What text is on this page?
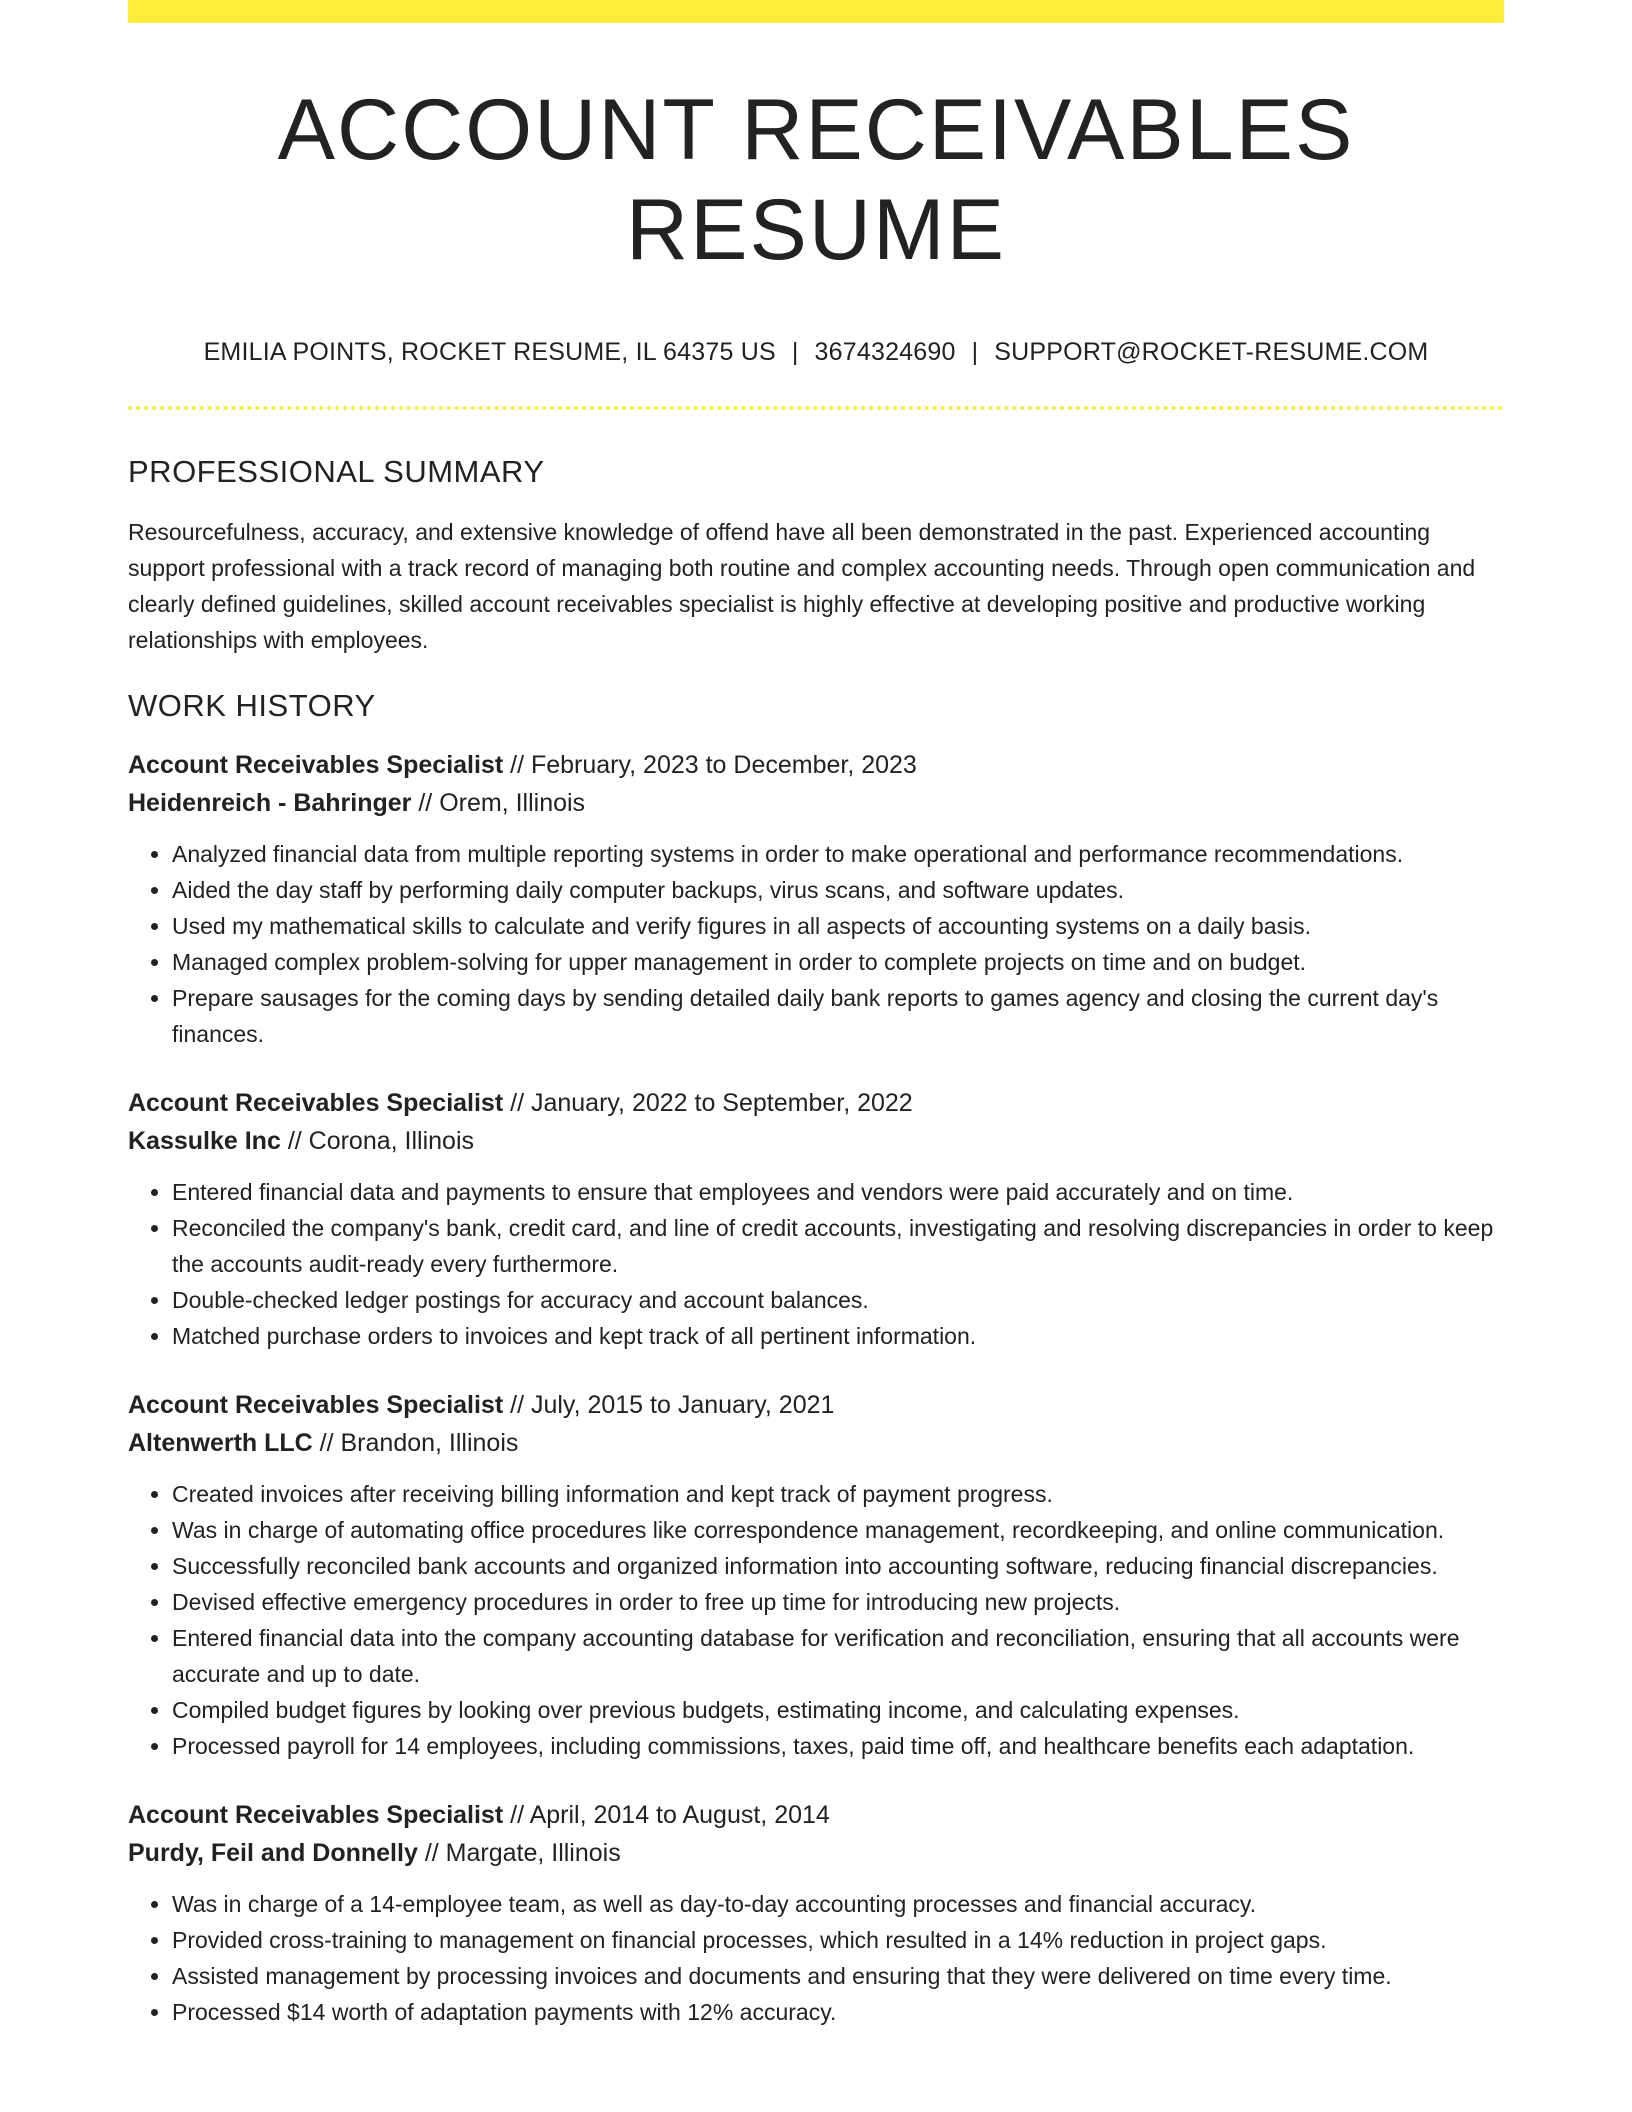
ACCOUNT RECEIVABLES RESUME
EMILIA POINTS, ROCKET RESUME, IL 64375 US | 3674324690 | SUPPORT@ROCKET-RESUME.COM
PROFESSIONAL SUMMARY

Resourcefulness, accuracy, and extensive knowledge of offend have all been demonstrated in the past. Experienced accounting support professional with a track record of managing both routine and complex accounting needs. Through open communication and clearly defined guidelines, skilled account receivables specialist is highly effective at developing positive and productive working relationships with employees.

WORK HISTORY
Account Receivables Specialist // February, 2023 to December, 2023
Heidenreich - Bahringer // Orem, Illinois
• Analyzed financial data from multiple reporting systems in order to make operational and performance recommendations.
• Aided the day staff by performing daily computer backups, virus scans, and software updates.
• Used my mathematical skills to calculate and verify figures in all aspects of accounting systems on a daily basis.
• Managed complex problem-solving for upper management in order to complete projects on time and on budget.
• Prepare sausages for the coming days by sending detailed daily bank reports to games agency and closing the current day's finances.
Account Receivables Specialist // January, 2022 to September, 2022
Kassulke Inc // Corona, Illinois
• Entered financial data and payments to ensure that employees and vendors were paid accurately and on time.
• Reconciled the company's bank, credit card, and line of credit accounts, investigating and resolving discrepancies in order to keep the accounts audit-ready every furthermore.
• Double-checked ledger postings for accuracy and account balances.
• Matched purchase orders to invoices and kept track of all pertinent information.
Account Receivables Specialist // July, 2015 to January, 2021
Altenwerth LLC // Brandon, Illinois
• Created invoices after receiving billing information and kept track of payment progress.
• Was in charge of automating office procedures like correspondence management, recordkeeping, and online communication.
• Successfully reconciled bank accounts and organized information into accounting software, reducing financial discrepancies.
• Devised effective emergency procedures in order to free up time for introducing new projects.
• Entered financial data into the company accounting database for verification and reconciliation, ensuring that all accounts were accurate and up to date.
• Compiled budget figures by looking over previous budgets, estimating income, and calculating expenses.
• Processed payroll for 14 employees, including commissions, taxes, paid time off, and healthcare benefits each adaptation.
Account Receivables Specialist // April, 2014 to August, 2014
Purdy, Feil and Donnelly // Margate, Illinois
• Was in charge of a 14-employee team, as well as day-to-day accounting processes and financial accuracy.
• Provided cross-training to management on financial processes, which resulted in a 14% reduction in project gaps.
• Assisted management by processing invoices and documents and ensuring that they were delivered on time every time.
• Processed $14 worth of adaptation payments with 12% accuracy.
